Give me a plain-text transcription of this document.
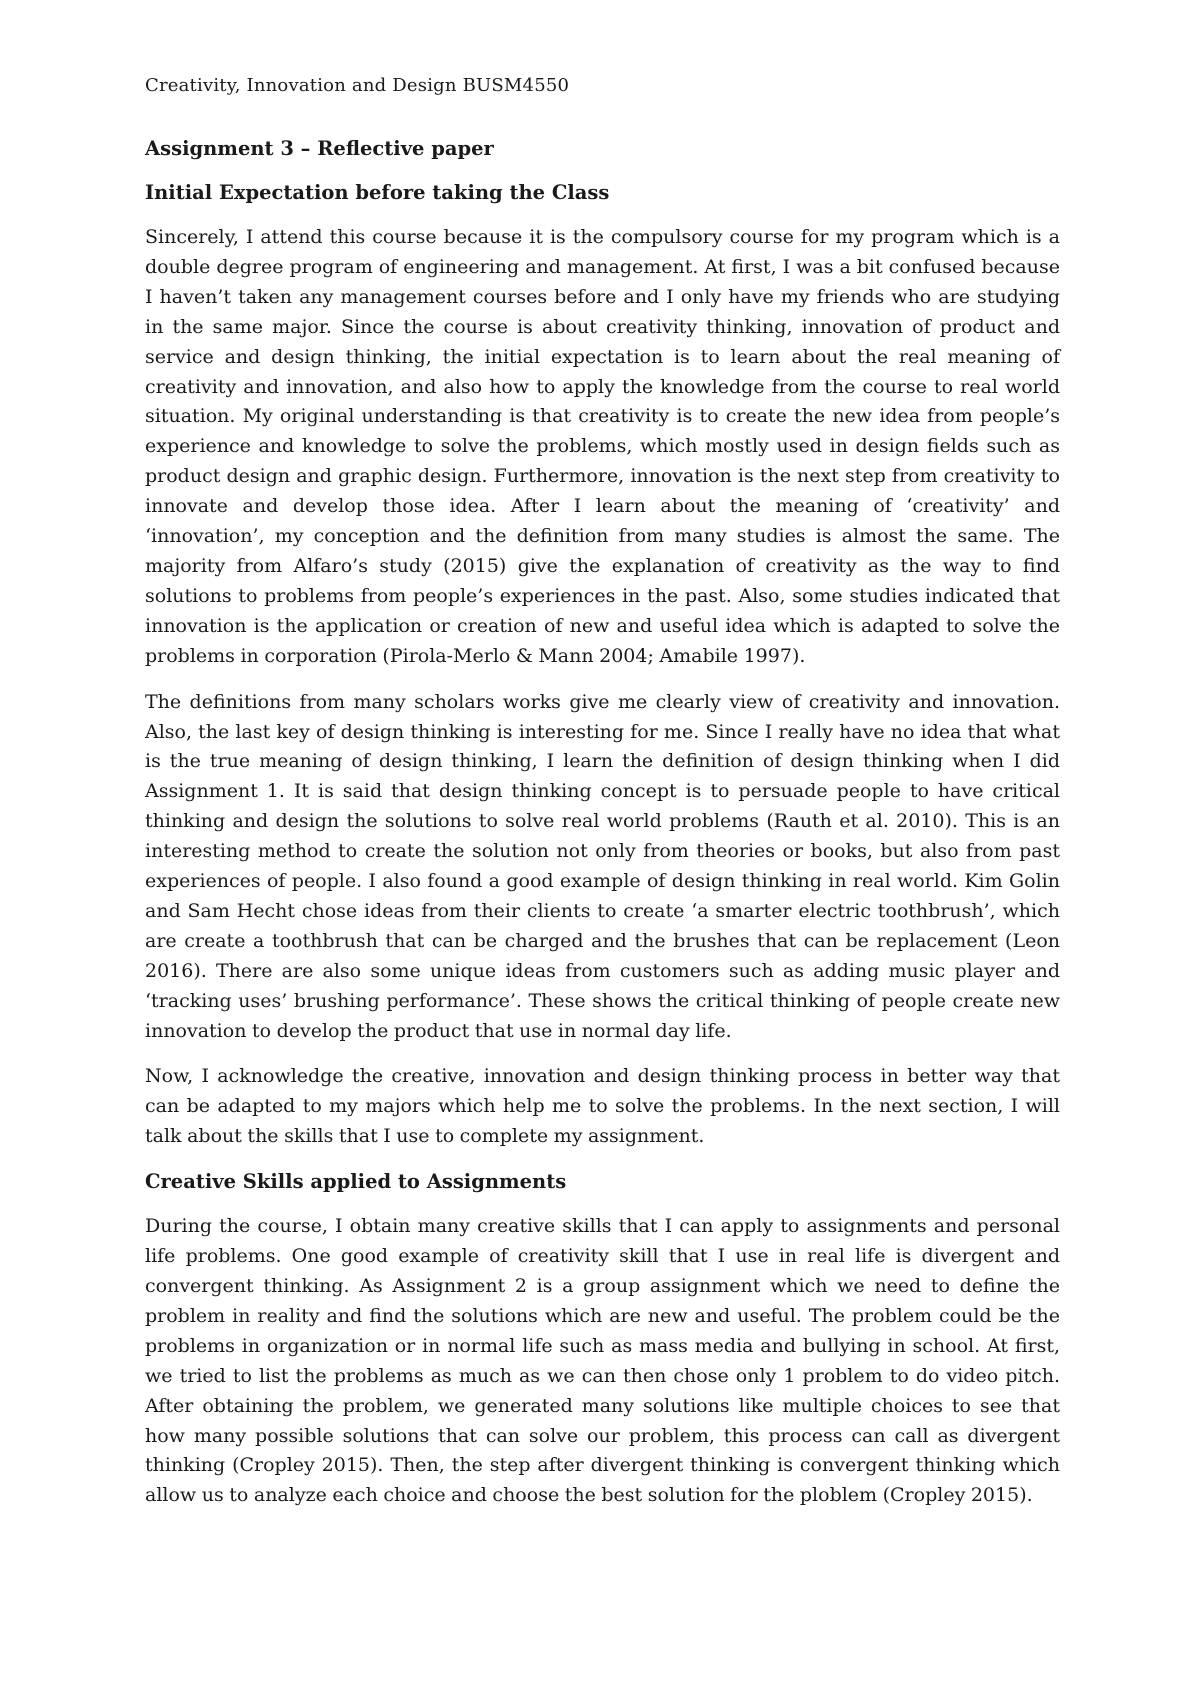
Creativity, Innovation and Design BUSM4550
Assignment 3 – Reflective paper
Initial Expectation before taking the Class

Sincerely, I attend this course because it is the compulsory course for my program which is a double degree program of engineering and management. At first, I was a bit confused because I haven’t taken any management courses before and I only have my friends who are studying in the same major. Since the course is about creativity thinking, innovation of product and service and design thinking, the initial expectation is to learn about the real meaning of creativity and innovation, and also how to apply the knowledge from the course to real world situation. My original understanding is that creativity is to create the new idea from people’s experience and knowledge to solve the problems, which mostly used in design fields such as product design and graphic design. Furthermore, innovation is the next step from creativity to innovate and develop those idea. After I learn about the meaning of ‘creativity’ and ‘innovation’, my conception and the definition from many studies is almost the same. The majority from Alfaro’s study (2015) give the explanation of creativity as the way to find solutions to problems from people’s experiences in the past. Also, some studies indicated that innovation is the application or creation of new and useful idea which is adapted to solve the problems in corporation (Pirola-Merlo & Mann 2004; Amabile 1997).

The definitions from many scholars works give me clearly view of creativity and innovation. Also, the last key of design thinking is interesting for me. Since I really have no idea that what is the true meaning of design thinking, I learn the definition of design thinking when I did Assignment 1. It is said that design thinking concept is to persuade people to have critical thinking and design the solutions to solve real world problems (Rauth et al. 2010). This is an interesting method to create the solution not only from theories or books, but also from past experiences of people. I also found a good example of design thinking in real world. Kim Golin and Sam Hecht chose ideas from their clients to create ‘a smarter electric toothbrush’, which are create a toothbrush that can be charged and the brushes that can be replacement (Leon 2016). There are also some unique ideas from customers such as adding music player and ‘tracking uses’ brushing performance’. These shows the critical thinking of people create new innovation to develop the product that use in normal day life.

Now, I acknowledge the creative, innovation and design thinking process in better way that can be adapted to my majors which help me to solve the problems. In the next section, I will talk about the skills that I use to complete my assignment.

Creative Skills applied to Assignments

During the course, I obtain many creative skills that I can apply to assignments and personal life problems. One good example of creativity skill that I use in real life is divergent and convergent thinking. As Assignment 2 is a group assignment which we need to define the problem in reality and find the solutions which are new and useful. The problem could be the problems in organization or in normal life such as mass media and bullying in school. At first, we tried to list the problems as much as we can then chose only 1 problem to do video pitch. After obtaining the problem, we generated many solutions like multiple choices to see that how many possible solutions that can solve our problem, this process can call as divergent thinking (Cropley 2015). Then, the step after divergent thinking is convergent thinking which allow us to analyze each choice and choose the best solution for the ploblem (Cropley 2015).
